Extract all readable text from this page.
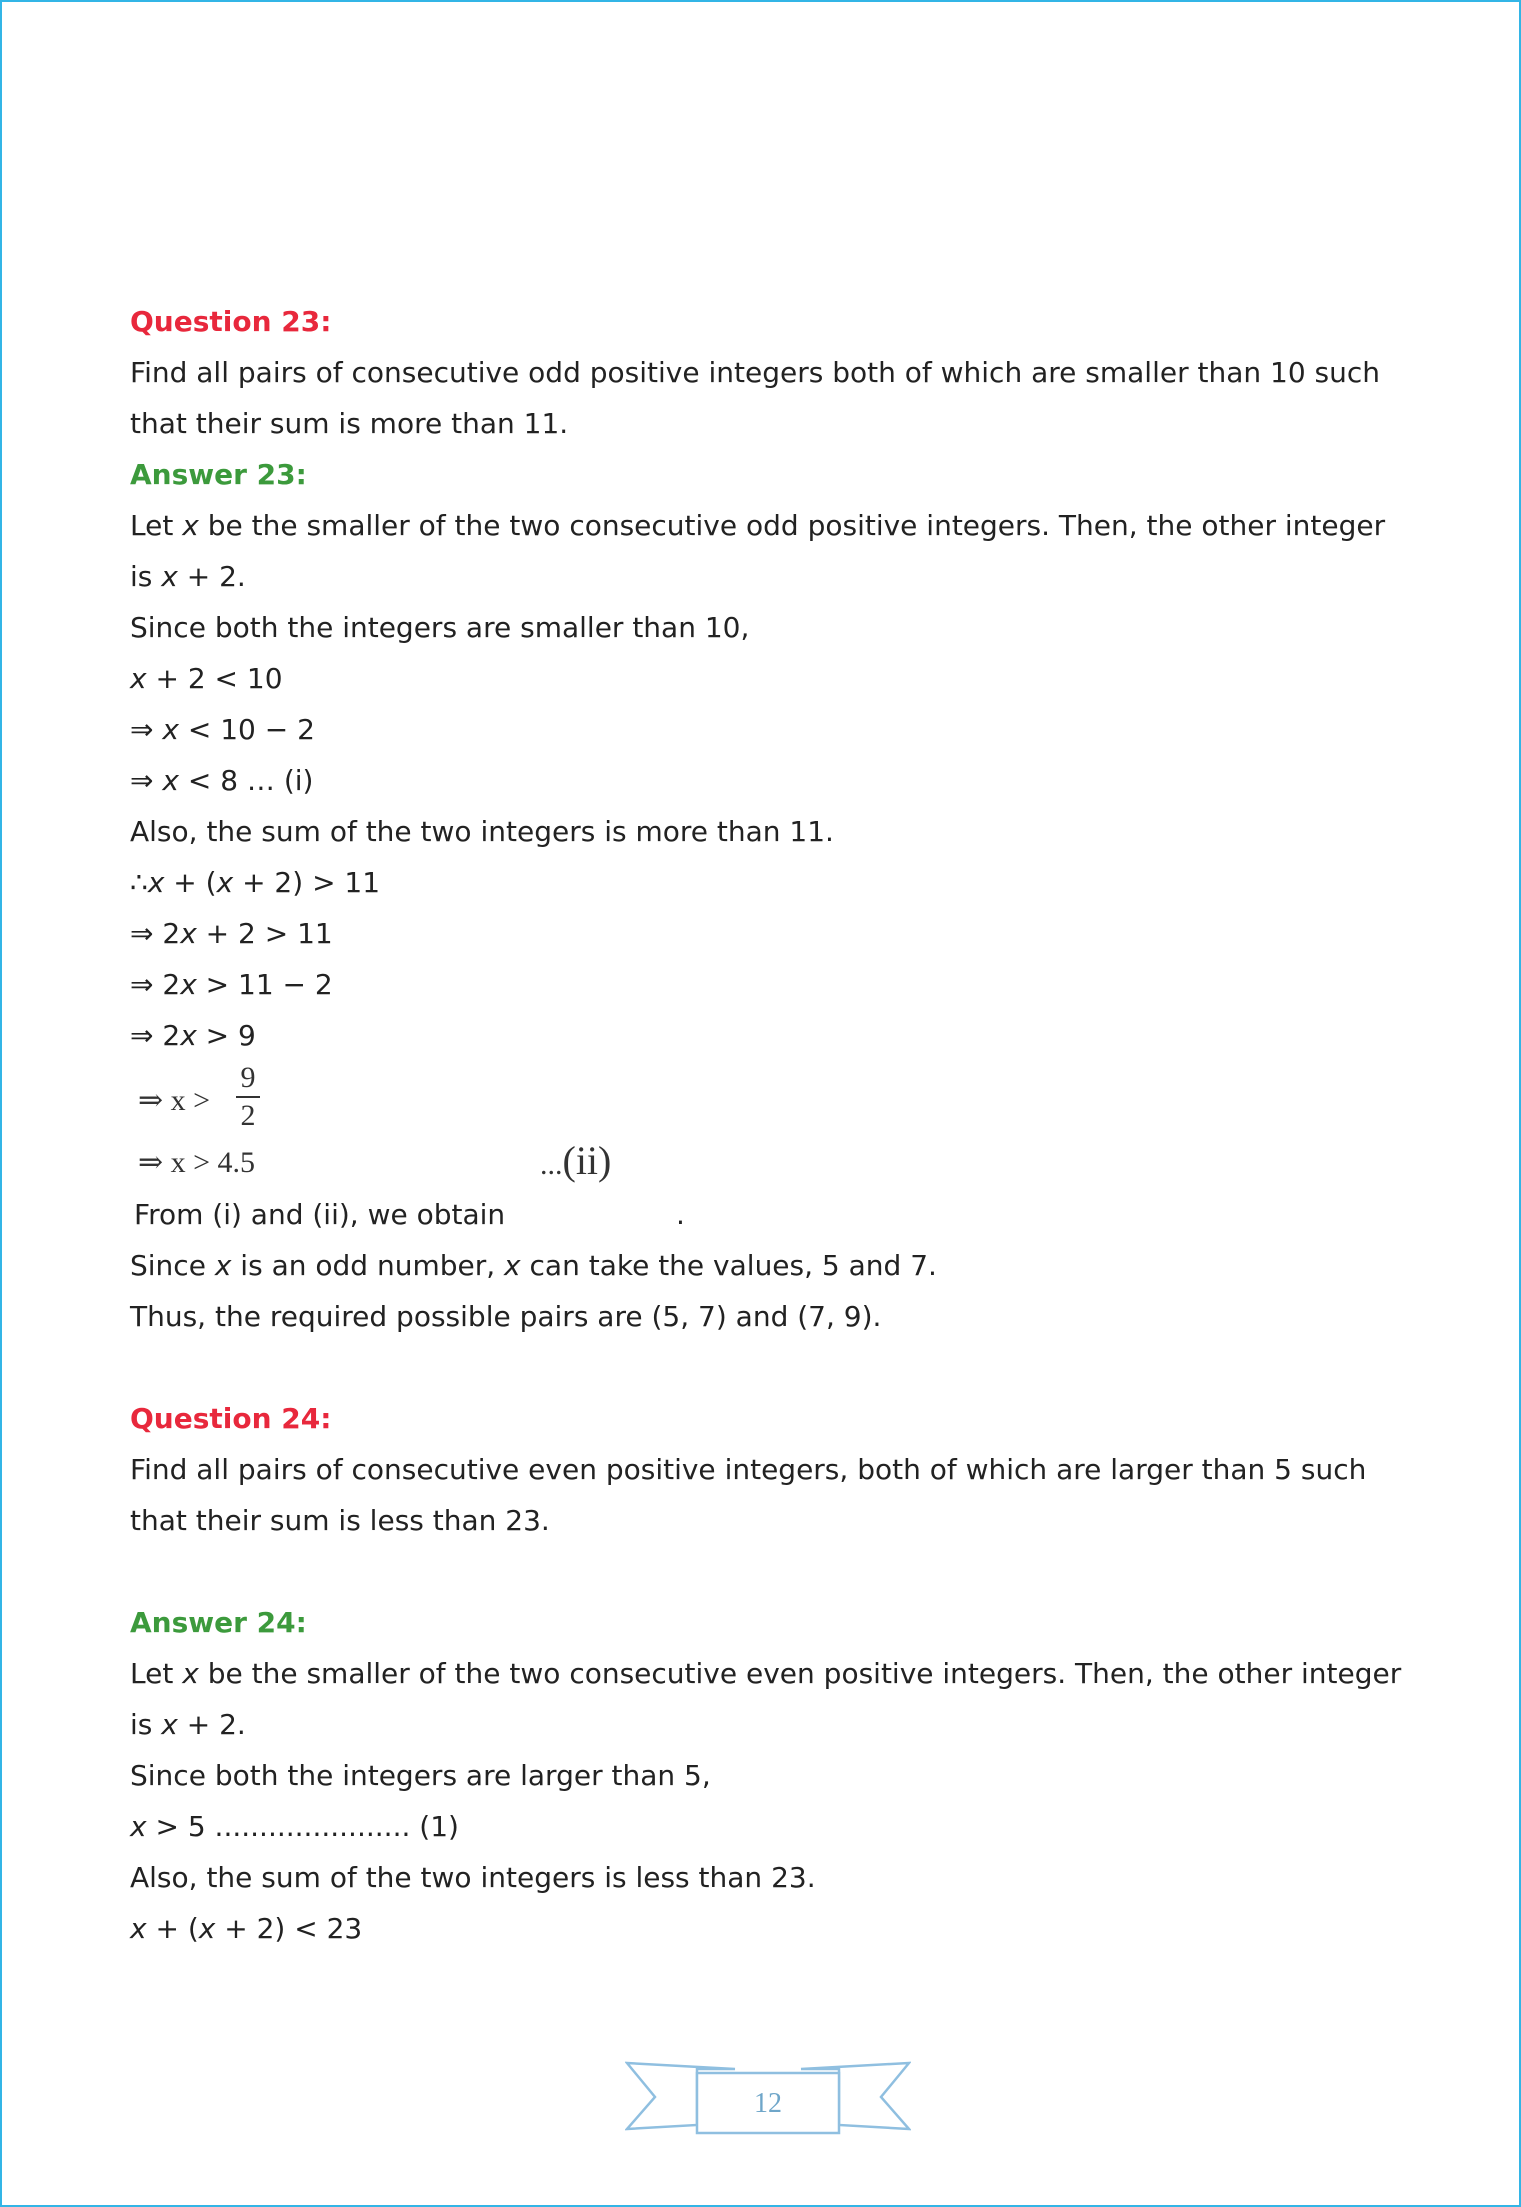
Question 23:
Find all pairs of consecutive odd positive integers both of which are smaller than 10 such
that their sum is more than 11.
Answer 23:
Let x be the smaller of the two consecutive odd positive integers. Then, the other integer
is x + 2.
Since both the integers are smaller than 10,
x + 2 < 10
⇒ x < 10 − 2
⇒ x < 8 … (i)
Also, the sum of the two integers is more than 11.
∴x + (x + 2) > 11
⇒ 2x + 2 > 11
⇒ 2x > 11 − 2
⇒ 2x > 9
⇒ x >
9
2
⇒ x > 4.5	...(ii)
From (i) and (ii), we obtain	.
Since x is an odd number, x can take the values, 5 and 7.
Thus, the required possible pairs are (5, 7) and (7, 9).
Question 24:
Find all pairs of consecutive even positive integers, both of which are larger than 5 such
that their sum is less than 23.
Answer 24:
Let x be the smaller of the two consecutive even positive integers. Then, the other integer
is x + 2.
Since both the integers are larger than 5,
x > 5 ...................... (1)
Also, the sum of the two integers is less than 23.
x + (x + 2) < 23
12
